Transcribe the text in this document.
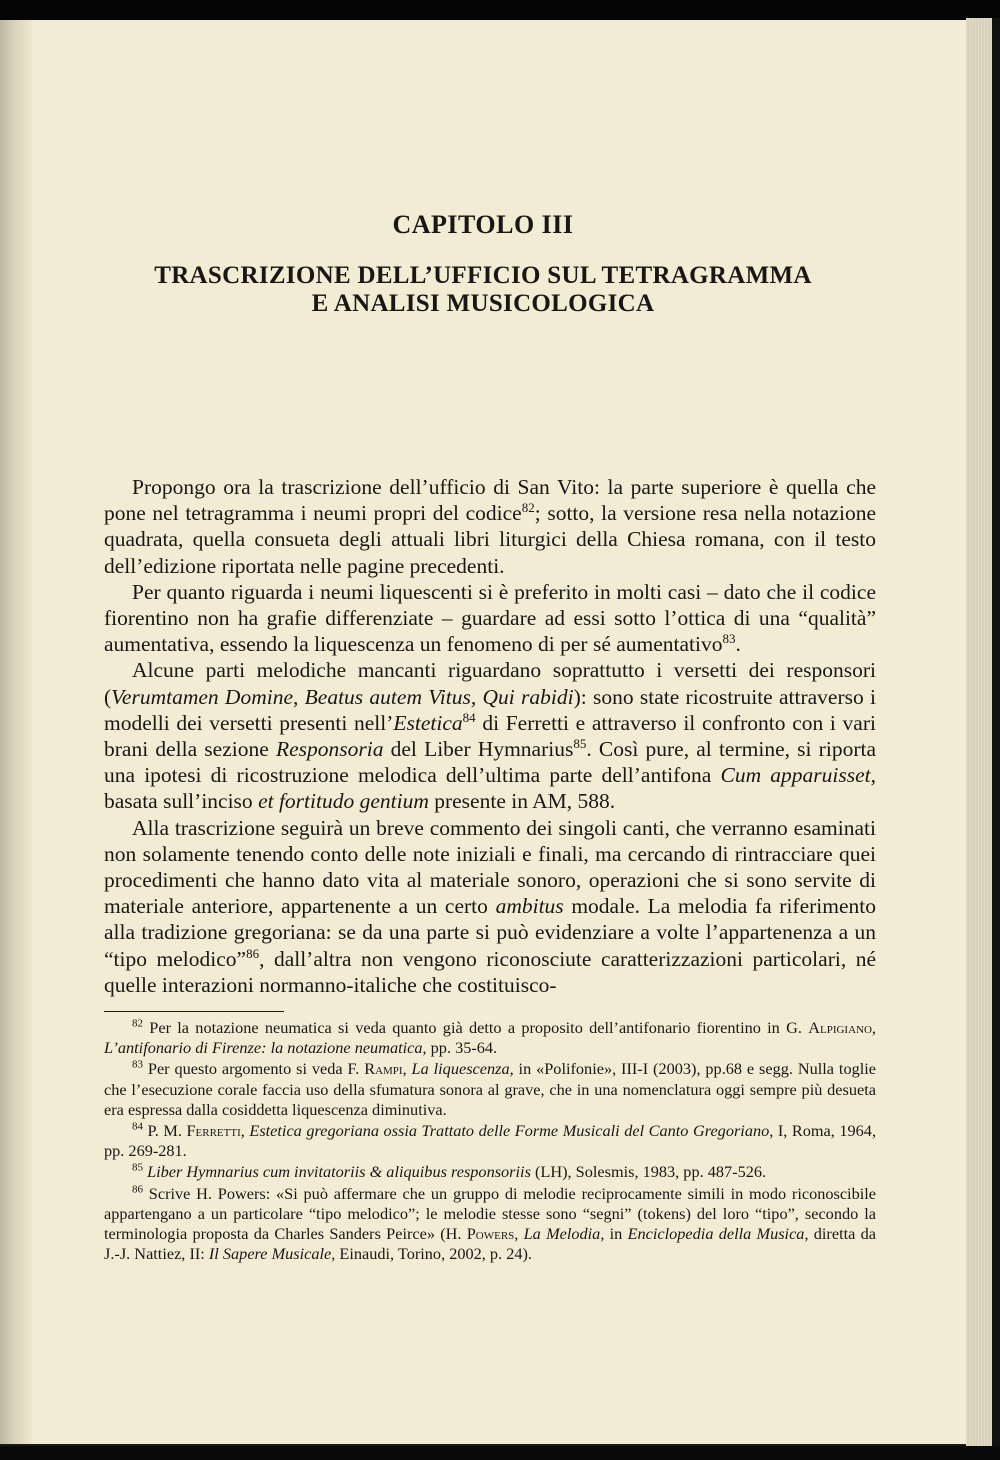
CAPITOLO III
TRASCRIZIONE DELL’UFFICIO SUL TETRAGRAMMA
E ANALISI MUSICOLOGICA

Propongo ora la trascrizione dell’ufficio di San Vito: la parte superiore è quella che pone nel tetragramma i neumi propri del codice$^{82}$; sotto, la versione resa nella notazione quadrata, quella consueta degli attuali libri liturgici della Chiesa romana, con il testo dell’edizione riportata nelle pagine precedenti.

Per quanto riguarda i neumi liquescenti si è preferito in molti casi – dato che il codice fiorentino non ha grafie differenziate – guardare ad essi sotto l’ottica di una “qualità” aumentativa, essendo la liquescenza un fenomeno di per sé aumentativo$^{83}$.

Alcune parti melodiche mancanti riguardano soprattutto i versetti dei responsori (Verumtamen Domine, Beatus autem Vitus, Qui rabidi): sono state ricostruite attraverso i modelli dei versetti presenti nell’Estetica$^{84}$ di Ferretti e attraverso il confronto con i vari brani della sezione Responsoria del Liber Hymnarius$^{85}$. Così pure, al termine, si riporta una ipotesi di ricostruzione melodica dell’ultima parte dell’antifona Cum apparuisset, basata sull’inciso et fortitudo gentium presente in AM, 588.

Alla trascrizione seguirà un breve commento dei singoli canti, che verranno esaminati non solamente tenendo conto delle note iniziali e finali, ma cercando di rintracciare quei procedimenti che hanno dato vita al materiale sonoro, operazioni che si sono servite di materiale anteriore, appartenente a un certo ambitus modale. La melodia fa riferimento alla tradizione gregoriana: se da una parte si può evidenziare a volte l’appartenenza a un “tipo melodico”$^{86}$, dall’altra non vengono riconosciute caratterizzazioni particolari, né quelle interazioni normanno-italiche che costituisco-

$^{82}$ Per la notazione neumatica si veda quanto già detto a proposito dell’antifonario fiorentino in G. Alpigiano, L’antifonario di Firenze: la notazione neumatica, pp. 35-64.

$^{83}$ Per questo argomento si veda F. Rampi, La liquescenza, in «Polifonie», III-I (2003), pp.68 e segg. Nulla toglie che l’esecuzione corale faccia uso della sfumatura sonora al grave, che in una nomenclatura oggi sempre più desueta era espressa dalla cosiddetta liquescenza diminutiva.

$^{84}$ P. M. Ferretti, Estetica gregoriana ossia Trattato delle Forme Musicali del Canto Gregoriano, I, Roma, 1964, pp. 269-281.

$^{85}$ Liber Hymnarius cum invitatoriis & aliquibus responsoriis (LH), Solesmis, 1983, pp. 487-526.

$^{86}$ Scrive H. Powers: «Si può affermare che un gruppo di melodie reciprocamente simili in modo riconoscibile appartengano a un particolare “tipo melodico”; le melodie stesse sono “segni” (tokens) del loro “tipo”, secondo la terminologia proposta da Charles Sanders Peirce» (H. Powers, La Melodia, in Enciclopedia della Musica, diretta da J.-J. Nattiez, II: Il Sapere Musicale, Einaudi, Torino, 2002, p. 24).
